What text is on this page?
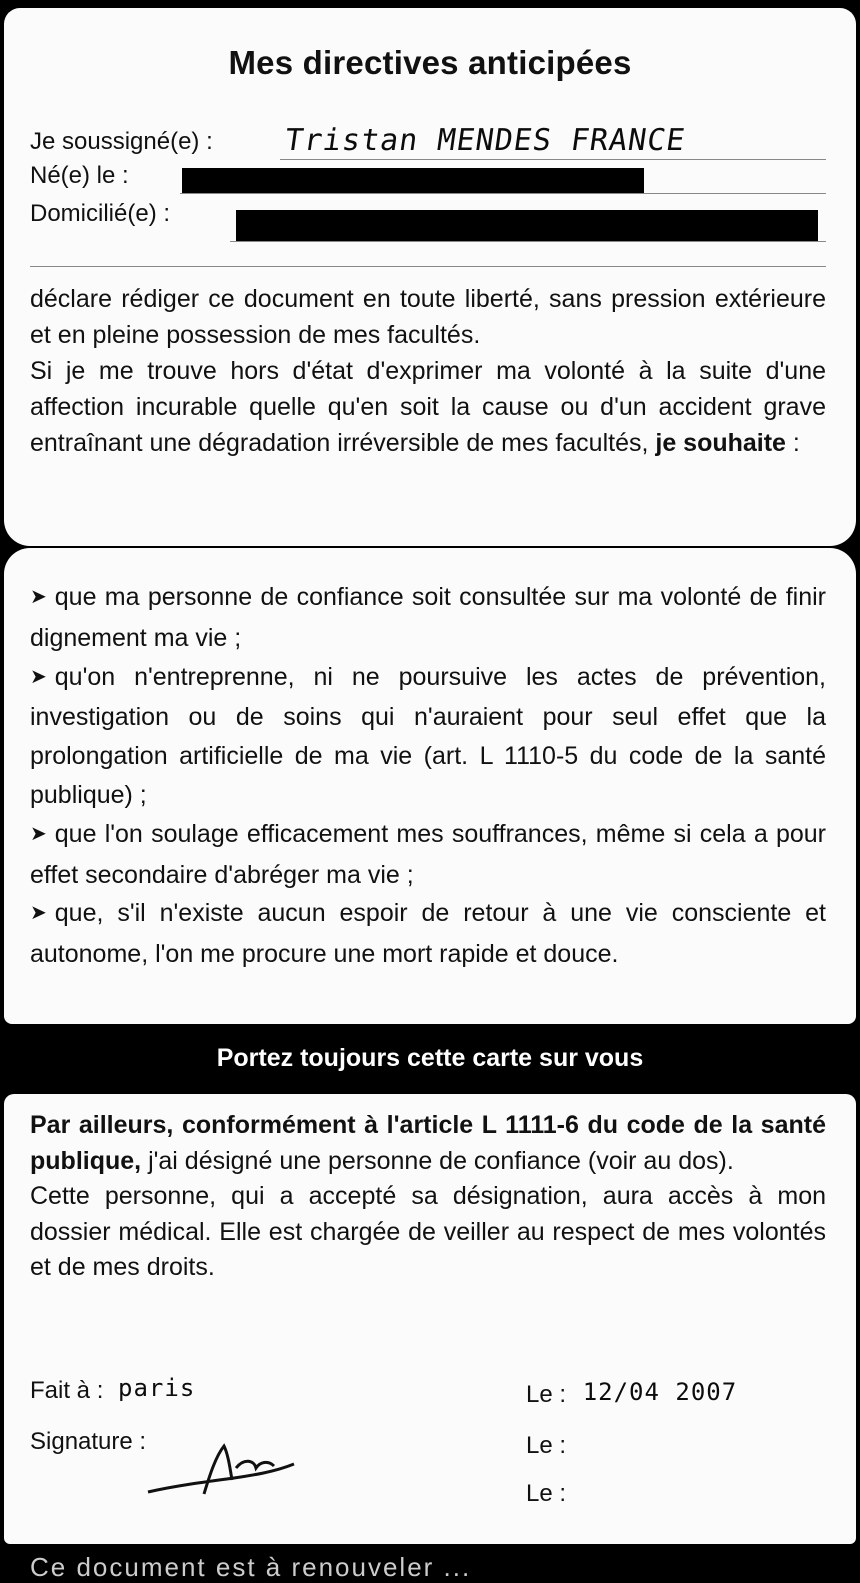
Mes directives anticipées
Je soussigné(e) : Tristan MENDES FRANCE
Né(e) le :
Domicilié(e) :

déclare rédiger ce document en toute liberté, sans pression extérieure et en pleine possession de mes facultés.

Si je me trouve hors d'état d'exprimer ma volonté à la suite d'une affection incurable quelle qu'en soit la cause ou d'un accident grave entraînant une dégradation irréversible de mes facultés, je souhaite :

➤ que ma personne de confiance soit consultée sur ma volonté de finir dignement ma vie ;

➤ qu'on n'entreprenne, ni ne poursuive les actes de prévention, investigation ou de soins qui n'auraient pour seul effet que la prolongation artificielle de ma vie (art. L 1110-5 du code de la santé publique) ;

➤ que l'on soulage efficacement mes souffrances, même si cela a pour effet secondaire d'abréger ma vie ;

➤ que, s'il n'existe aucun espoir de retour à une vie consciente et autonome, l'on me procure une mort rapide et douce.

Portez toujours cette carte sur vous

Par ailleurs, conformément à l'article L 1111-6 du code de la santé publique, j'ai désigné une personne de confiance (voir au dos).

Cette personne, qui a accepté sa désignation, aura accès à mon dossier médical. Elle est chargée de veiller au respect de mes volontés et de mes droits.

Fait à : paris
Signature :
Le : 12/04 2007
Le :
Le :
Ce document est à renouveler ...
